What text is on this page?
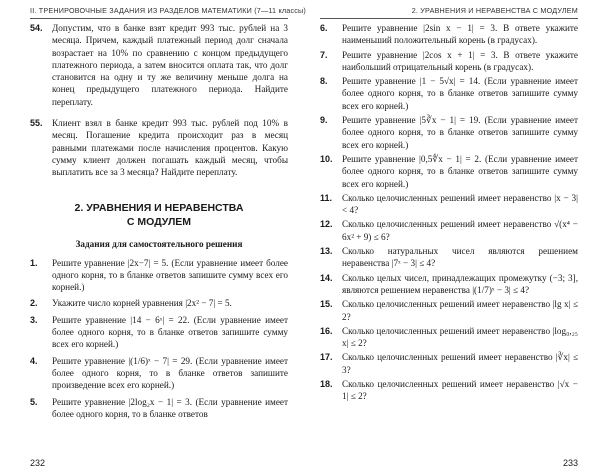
II. ТРЕНИРОВОЧНЫЕ ЗАДАНИЯ ИЗ РАЗДЕЛОВ МАТЕМАТИКИ (7—11 классы)
54. Допустим, что в банке взят кредит 993 тыс. рублей на 3 месяца. Причем, каждый платежный период долг сначала возрастает на 10% по сравнению с концом предыдущего платежного периода, а затем вносится оплата так, что долг становится на одну и ту же величину меньше долга на конец предыдущего платежного периода. Найдите переплату.
55. Клиент взял в банке кредит 993 тыс. рублей под 10% в месяц. Погашение кредита происходит раз в месяц равными платежами после начисления процентов. Какую сумму клиент должен погашать каждый месяц, чтобы выплатить все за 3 месяца? Найдите переплату.
2. УРАВНЕНИЯ И НЕРАВЕНСТВА
С МОДУЛЕМ
Задания для самостоятельного решения
1. Решите уравнение |2x−7| = 5. (Если уравнение имеет более одного корня, то в бланке ответов запишите сумму всех его корней.)
2. Укажите число корней уравнения |2x² − 7| = 5.
3. Решите уравнение |14 − 6ˣ| = 22. (Если уравнение имеет более одного корня, то в бланке ответов запишите сумму всех его корней.)
4. Решите уравнение |(1/6)ˣ − 7| = 29. (Если уравнение имеет более одного корня, то в бланке ответов запишите произведение всех его корней.)
5. Решите уравнение |2log₂x − 1| = 3. (Если уравнение имеет более одного корня, то в бланке ответов
232
2. УРАВНЕНИЯ И НЕРАВЕНСТВА С МОДУЛЕМ
6. Решите уравнение |2sin x − 1| = 3. В ответе укажите наименьший положительный корень (в градусах).
7. Решите уравнение |2cos x + 1| = 3. В ответе укажите наибольший отрицательный корень (в градусах).
8. Решите уравнение |1 − 5√x| = 14. (Если уравнение имеет более одного корня, то в бланке ответов запишите сумму всех его корней.)
9. Решите уравнение |5∛x − 1| = 19. (Если уравнение имеет более одного корня, то в бланке ответов запишите сумму всех его корней.)
10. Решите уравнение |0,5∜x − 1| = 2. (Если уравнение имеет более одного корня, то в бланке ответов запишите сумму всех его корней.)
11. Сколько целочисленных решений имеет неравенство |x − 3| < 4?
12. Сколько целочисленных решений имеет неравенство √(x⁴ − 6x² + 9) ≤ 6?
13. Сколько натуральных чисел являются решением неравенства |7ˣ − 3| ≤ 4?
14. Сколько целых чисел, принадлежащих промежутку (−3; 3], являются решением неравенства |(1/7)ˣ − 3| ≤ 4?
15. Сколько целочисленных решений имеет неравенство |lg x| ≤ 2?
16. Сколько целочисленных решений имеет неравенство |log₀,₂₅ x| ≤ 2?
17. Сколько целочисленных решений имеет неравенство |∛x| ≤ 3?
18. Сколько целочисленных решений имеет неравенство |√x − 1| ≤ 2?
233
